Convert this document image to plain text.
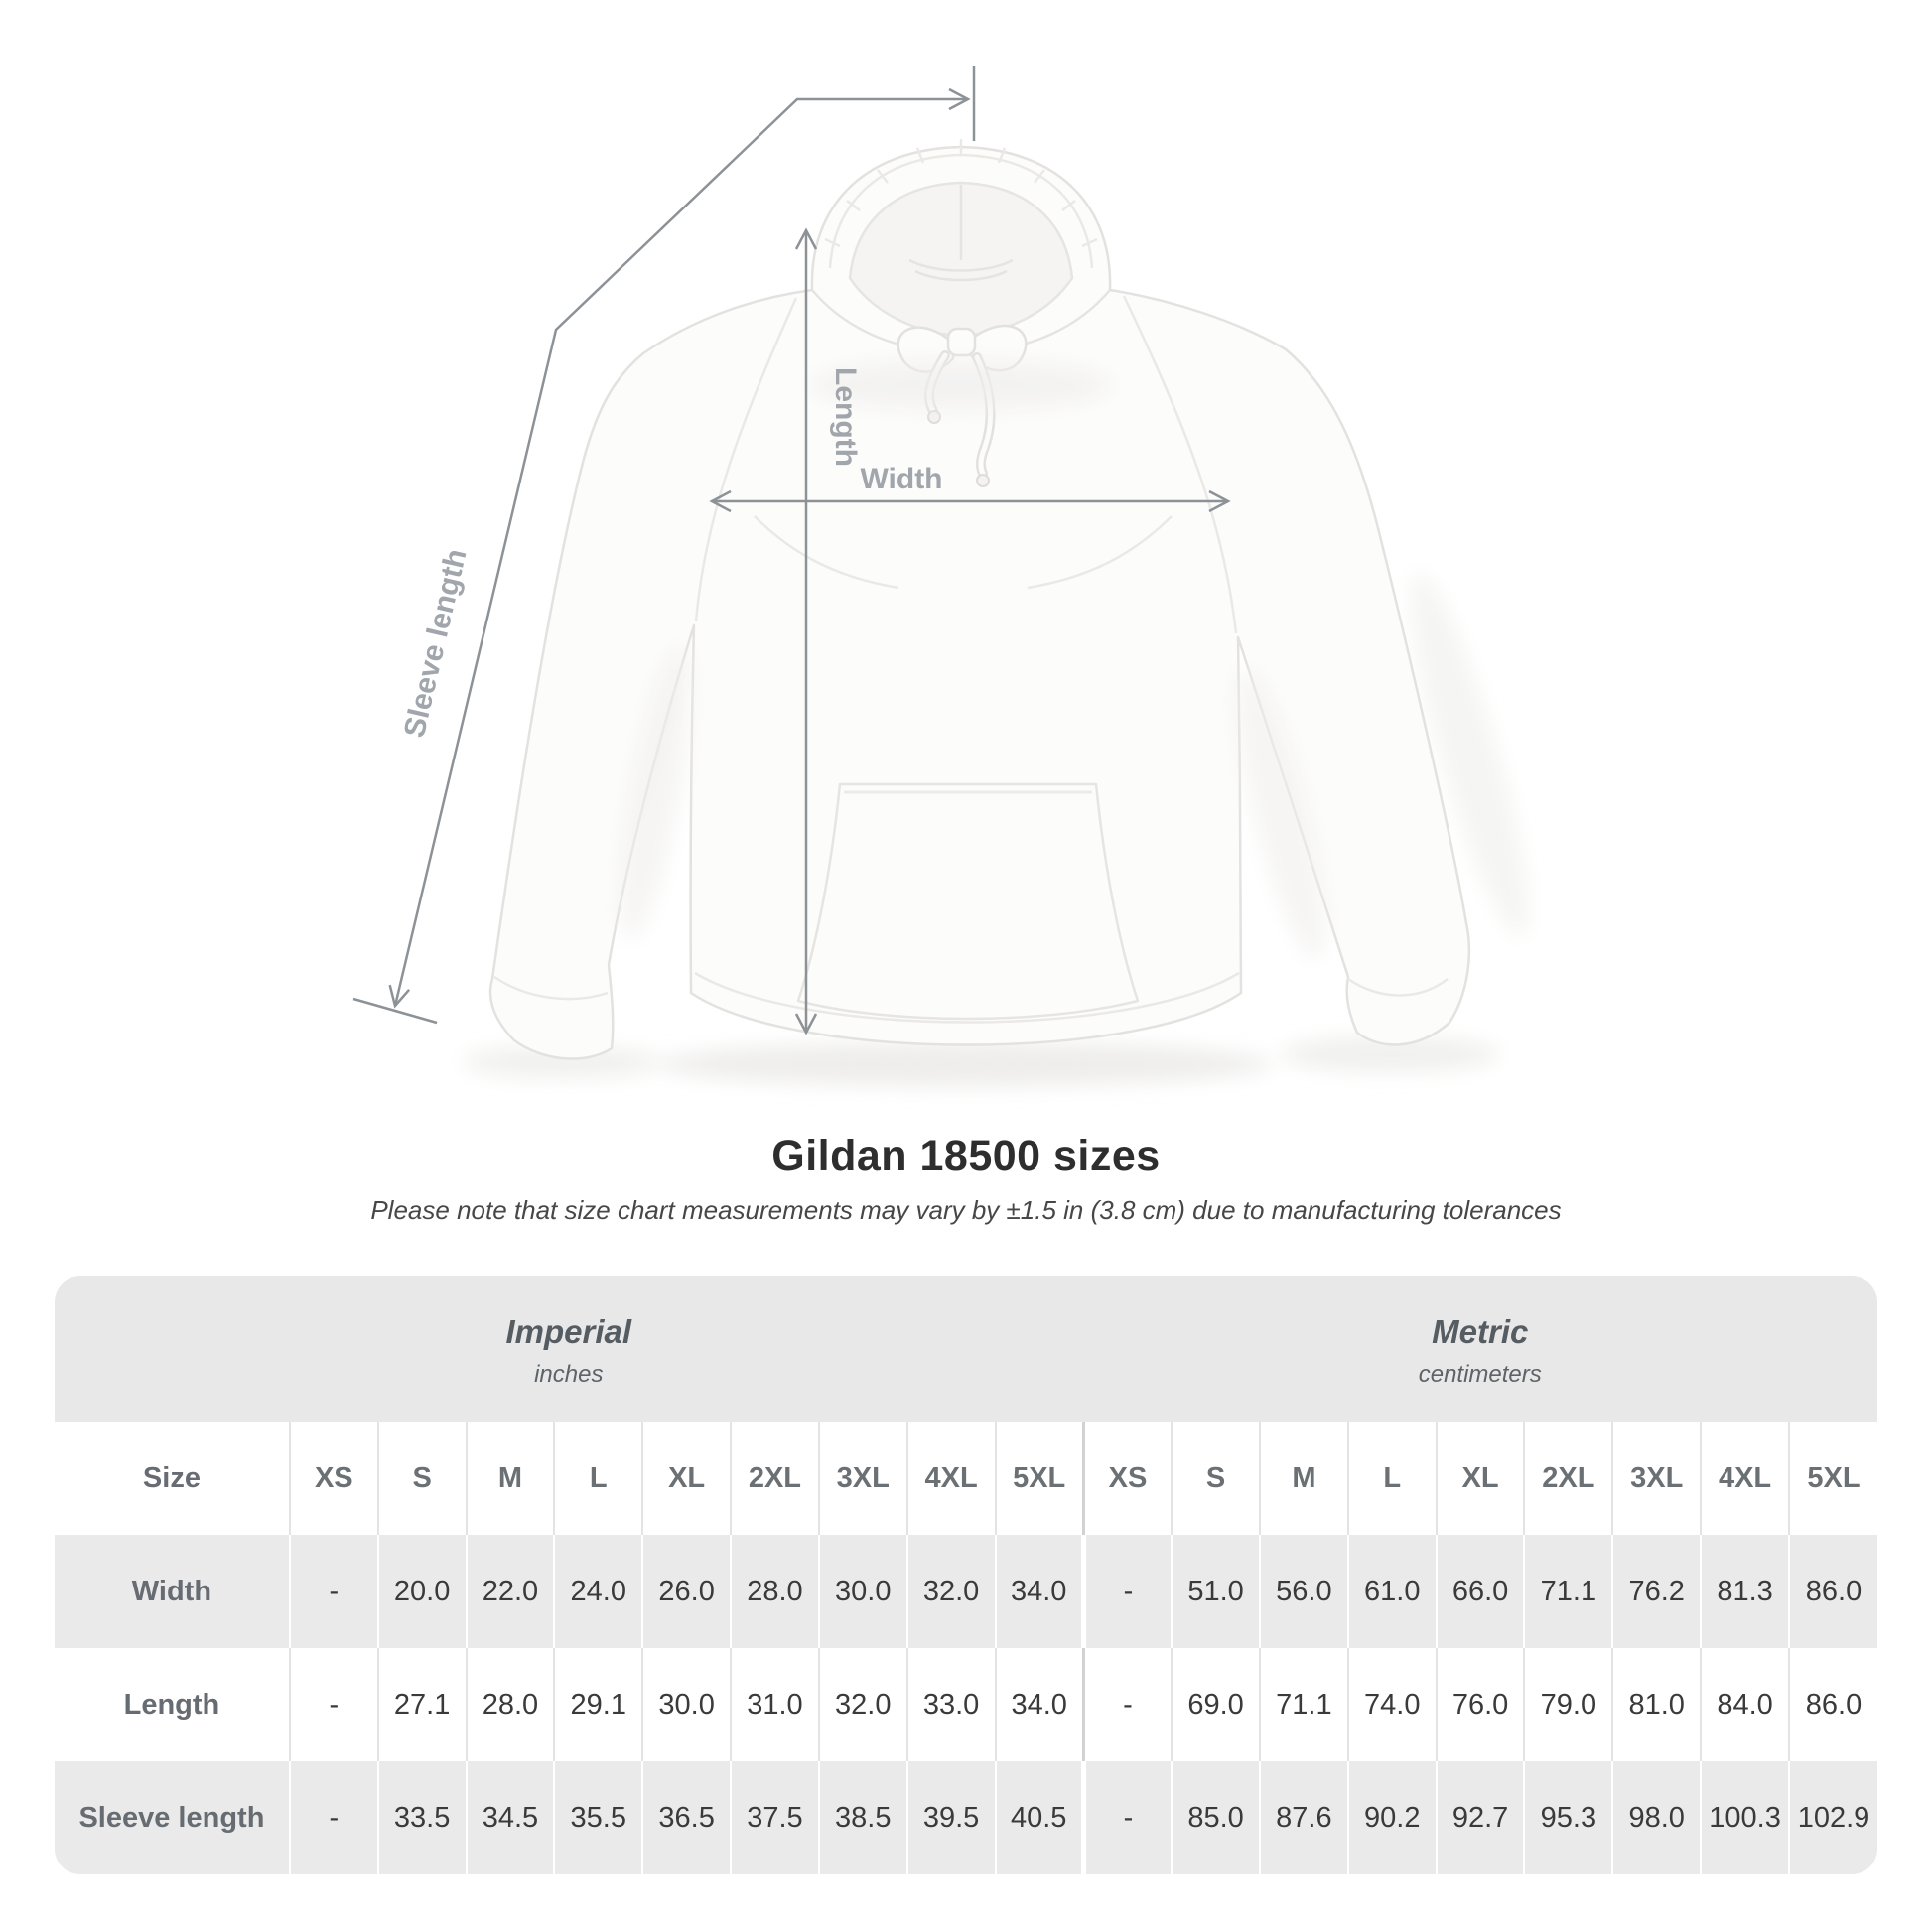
Sleeve length
Length
Width
Gildan 18500 sizes
Please note that size chart measurements may vary by ±1.5 in (3.8 cm) due to manufacturing tolerances
Imperial
inches
Metric
centimeters
Size	XS	S	M	L	XL	2XL	3XL	4XL	5XL	XS	S	M	L	XL	2XL	3XL	4XL	5XL
Width	-	20.0	22.0	24.0	26.0	28.0	30.0	32.0	34.0	-	51.0	56.0	61.0	66.0	71.1	76.2	81.3	86.0
Length	-	27.1	28.0	29.1	30.0	31.0	32.0	33.0	34.0	-	69.0	71.1	74.0	76.0	79.0	81.0	84.0	86.0
Sleeve length	-	33.5	34.5	35.5	36.5	37.5	38.5	39.5	40.5	-	85.0	87.6	90.2	92.7	95.3	98.0	100.3	102.9
